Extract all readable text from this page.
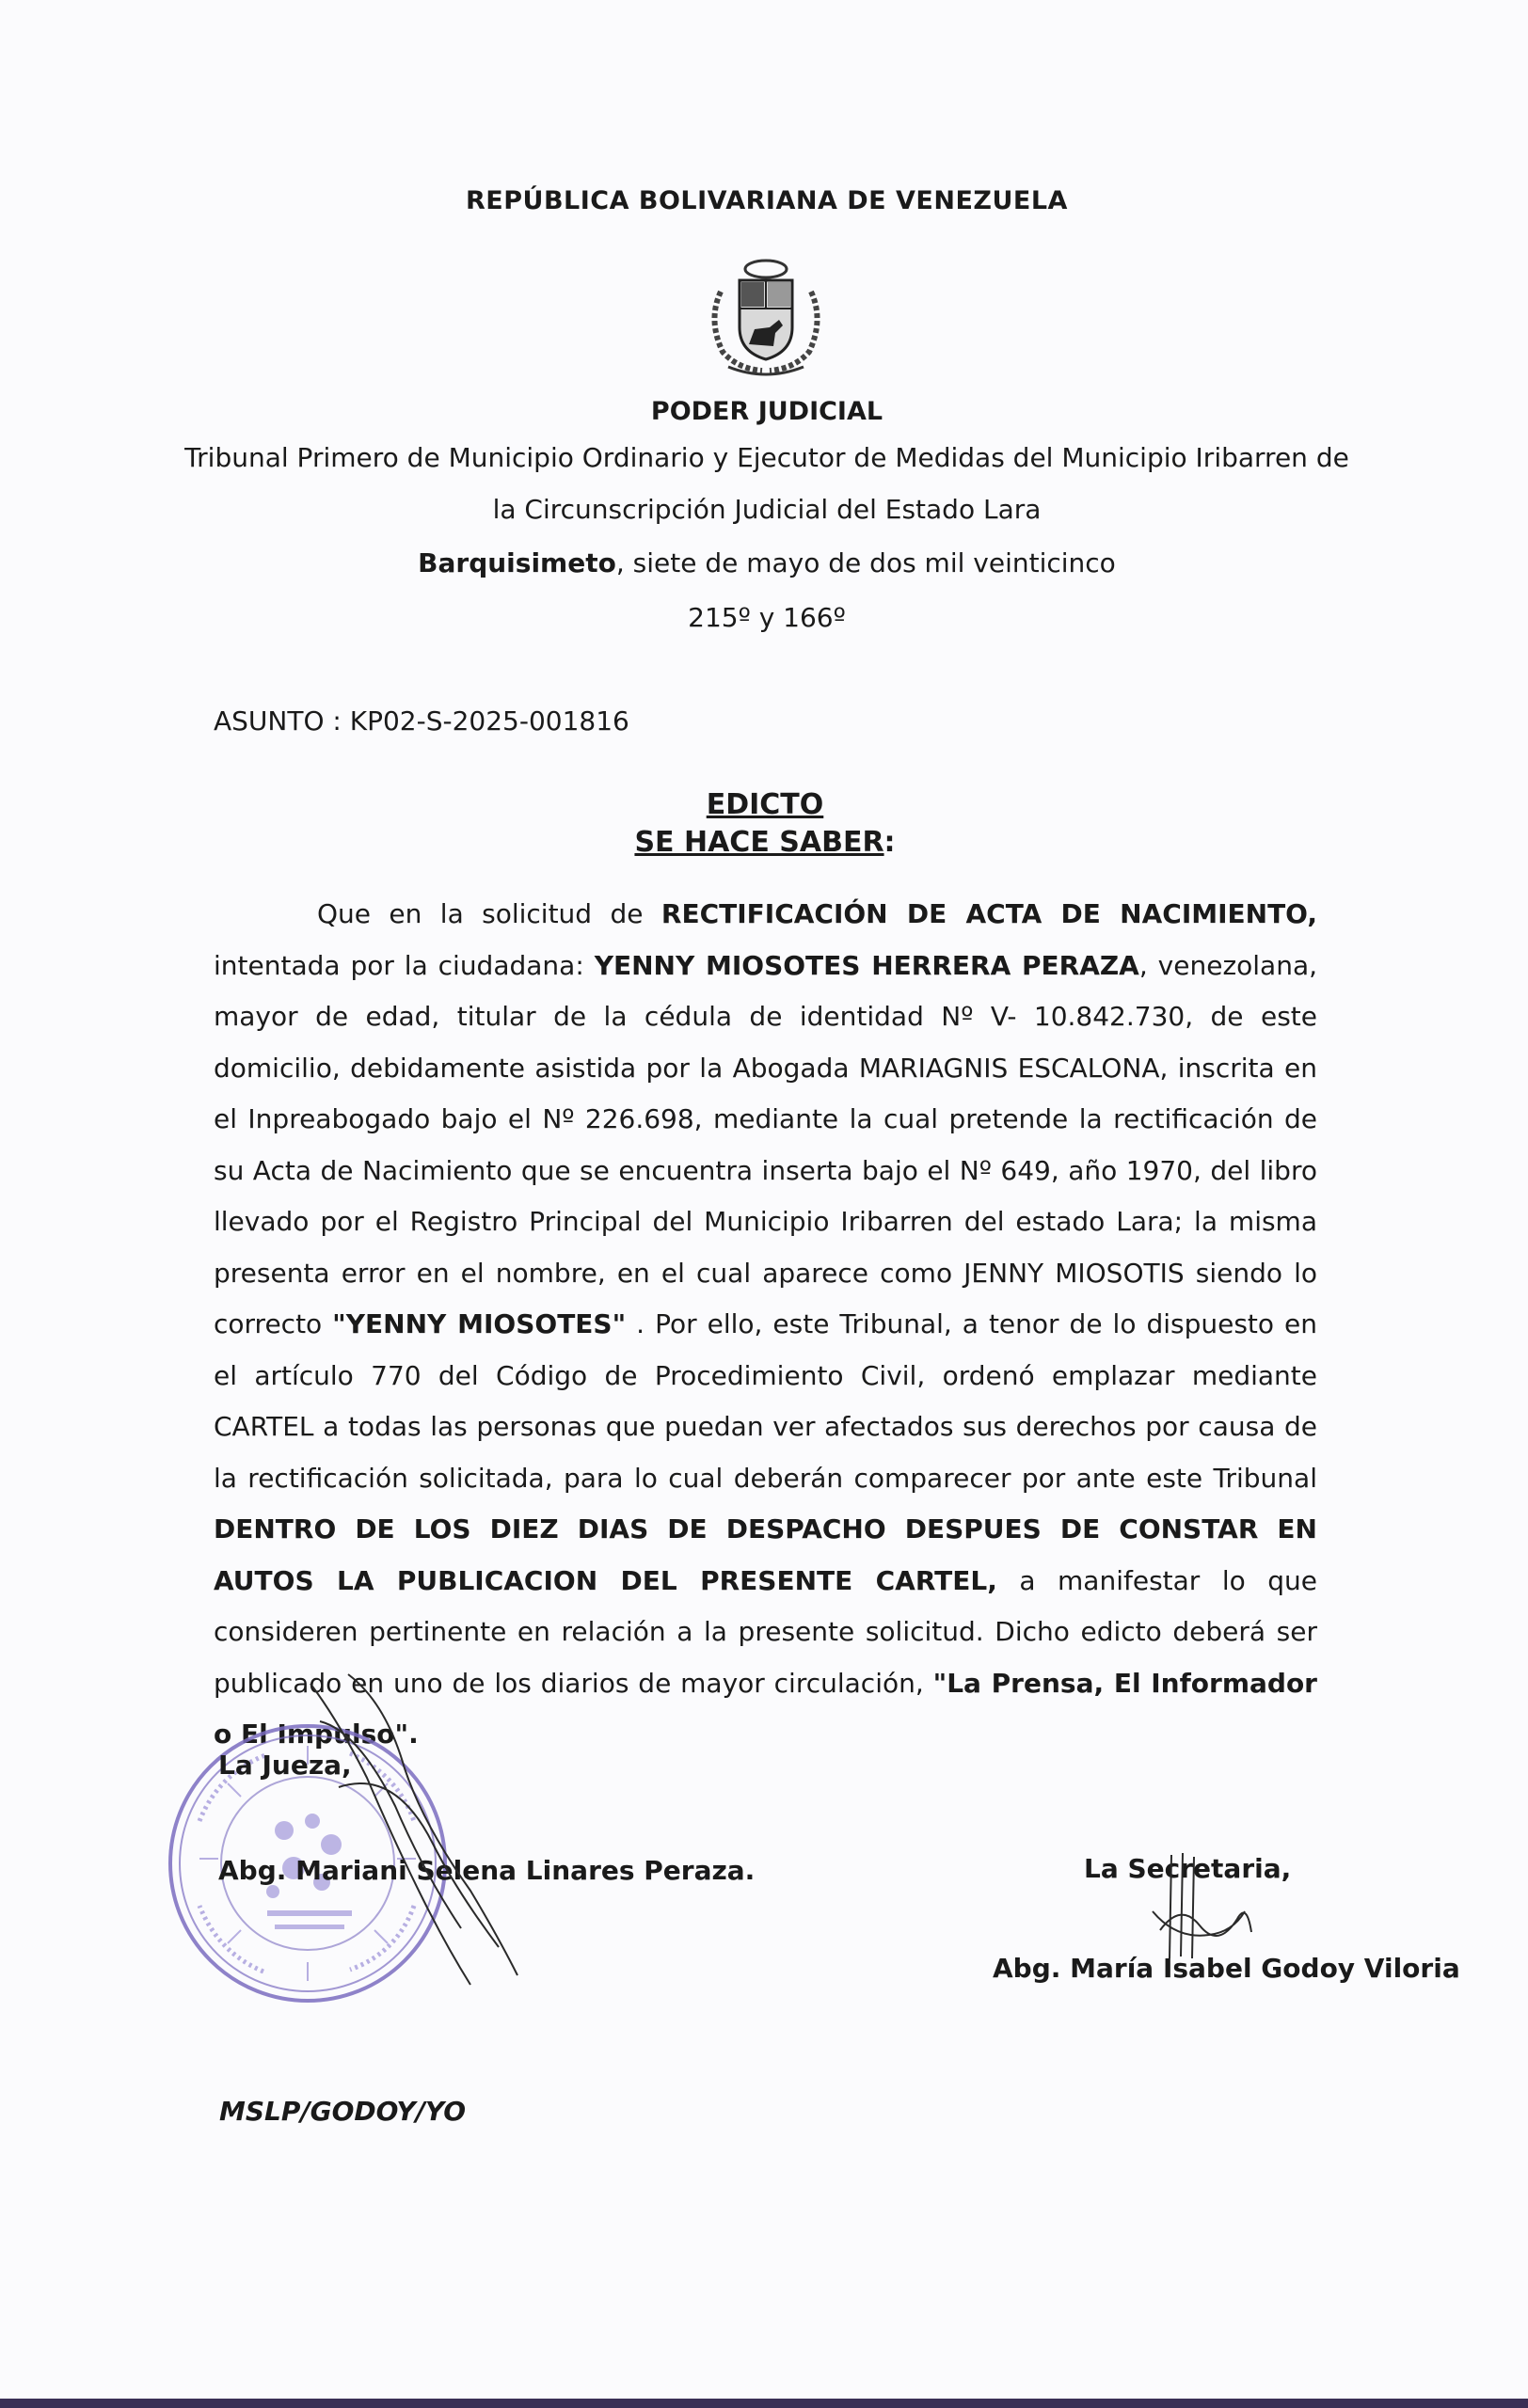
REPÚBLICA BOLIVARIANA DE VENEZUELA
PODER JUDICIAL
Tribunal Primero de Municipio Ordinario y Ejecutor de Medidas del Municipio Iribarren de
la Circunscripción Judicial del Estado Lara
Barquisimeto, siete de mayo de dos mil veinticinco
215º y 166º
ASUNTO : KP02-S-2025-001816
EDICTO
SE HACE SABER:
Que en la solicitud de RECTIFICACIÓN DE ACTA DE NACIMIENTO, intentada por la ciudadana: YENNY MIOSOTES HERRERA PERAZA, venezolana, mayor de edad, titular de la cédula de identidad Nº V- 10.842.730, de este domicilio, debidamente asistida por la Abogada MARIAGNIS ESCALONA, inscrita en el Inpreabogado bajo el Nº 226.698, mediante la cual pretende la rectificación de su Acta de Nacimiento que se encuentra inserta bajo el Nº 649, año 1970, del libro llevado por el Registro Principal del Municipio Iribarren del estado Lara; la misma presenta error en el nombre, en el cual aparece como JENNY MIOSOTIS siendo lo correcto "YENNY MIOSOTES" . Por ello, este Tribunal, a tenor de lo dispuesto en el artículo 770 del Código de Procedimiento Civil, ordenó emplazar mediante CARTEL a todas las personas que puedan ver afectados sus derechos por causa de la rectificación solicitada, para lo cual deberán comparecer por ante este Tribunal DENTRO DE LOS DIEZ DIAS DE DESPACHO DESPUES DE CONSTAR EN AUTOS LA PUBLICACION DEL PRESENTE CARTEL, a manifestar lo que consideren pertinente en relación a la presente solicitud. Dicho edicto deberá ser publicado en uno de los diarios de mayor circulación, "La Prensa, El Informador o El Impulso".
La Jueza,
Abg. Mariani Selena Linares Peraza.	La Secretaria,
Abg. María Isabel Godoy Viloria
MSLP/GODOY/YO
